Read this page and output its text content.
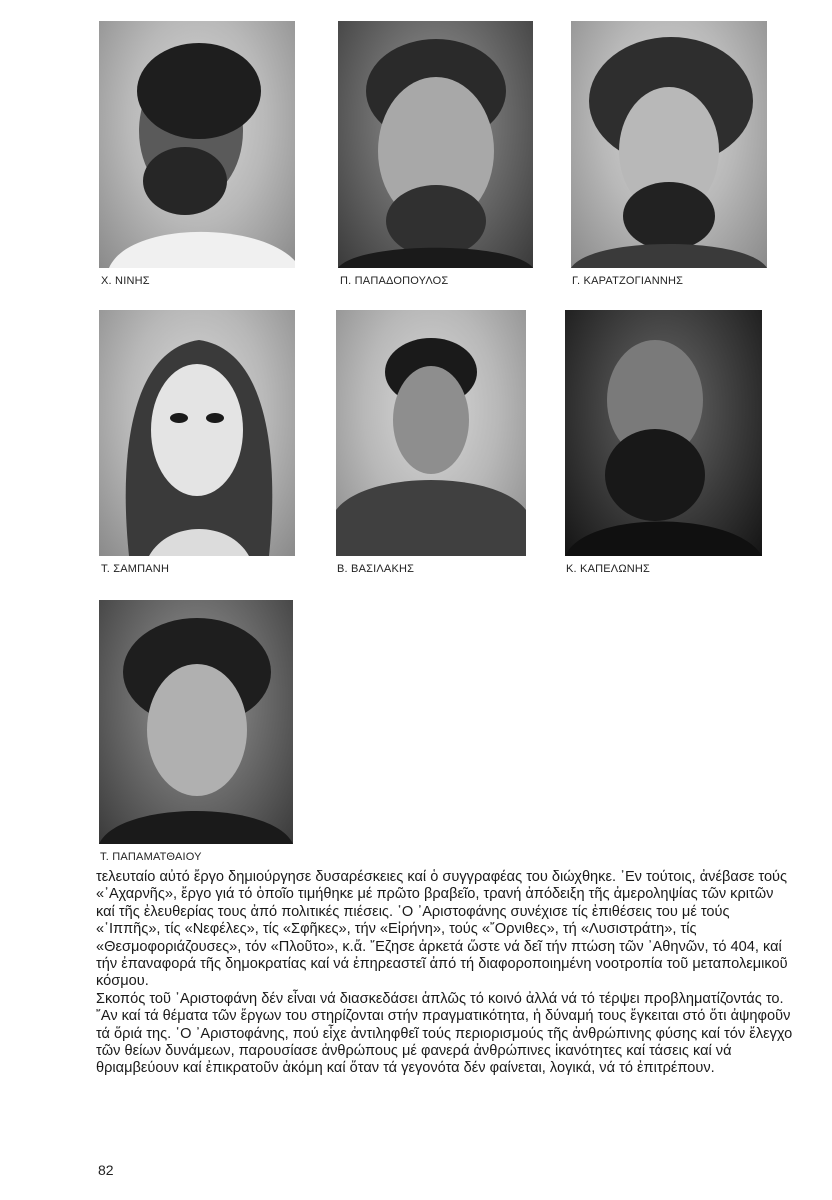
Χ. ΝΙΝΗΣ	Π. ΠΑΠΑΔΟΠΟΥΛΟΣ	Γ. ΚΑΡΑΤΖΟΓΙΑΝΝΗΣ
Τ. ΣΑΜΠΑΝΗ	Β. ΒΑΣΙΛΑΚΗΣ	Κ. ΚΑΠΕΛΩΝΗΣ
Τ. ΠΑΠΑΜΑΤΘΑΙΟΥ

τελευταίο αὐτό ἔργο δημιούργησε δυσαρέσκειες καί ὁ συγγραφέας του διώχθηκε. ᾽Εν τούτοις, ἀνέβασε τούς «᾽Αχαρνῆς», ἔργο γιά τό ὁποῖο τιμήθηκε μέ πρῶτο βραβεῖο, τρανή ἀπόδειξη τῆς ἀμεροληψίας τῶν κριτῶν καί τῆς ἐλευθερίας τους ἀπό πολιτικές πιέσεις. ῾Ο ᾽Αριστοφάνης συνέχισε τίς ἐπιθέσεις του μέ τούς «῾Ιππῆς», τίς «Νεφέλες», τίς «Σφῆκες», τήν «Εἰρήνη», τούς «῎Ορνιθες», τή «Λυσιστράτη», τίς «Θεσμοφοριάζουσες», τόν «Πλοῦτο», κ.ἄ. ῎Εζησε ἀρκετά ὥστε νά δεῖ τήν πτώση τῶν ᾽Αθηνῶν, τό 404, καί τήν ἐπαναφορά τῆς δημοκρατίας καί νά ἐπηρεαστεῖ ἀπό τή διαφοροποιημένη νοοτροπία τοῦ μεταπολεμικοῦ κόσμου.

Σκοπός τοῦ ᾽Αριστοφάνη δέν εἶναι νά διασκεδάσει ἁπλῶς τό κοινό ἀλλά νά τό τέρψει προβληματίζοντάς το. ῎Αν καί τά θέματα τῶν ἔργων του στηρίζονται στήν πραγματικότητα, ἡ δύναμή τους ἔγκειται στό ὅτι ἀψηφοῦν τά ὅριά της. ῾Ο ᾽Αριστοφάνης, πού εἶχε ἀντιληφθεῖ τούς περιορισμούς τῆς ἀνθρώπινης φύσης καί τόν ἔλεγχο τῶν θείων δυνάμεων, παρουσίασε ἀνθρώπους μέ φανερά ἀνθρώπινες ἱκανότητες καί τάσεις καί νά θριαμβεύουν καί ἐπικρατοῦν ἀκόμη καί ὅταν τά γεγονότα δέν φαίνεται, λογικά, νά τό ἐπιτρέπουν.

82
